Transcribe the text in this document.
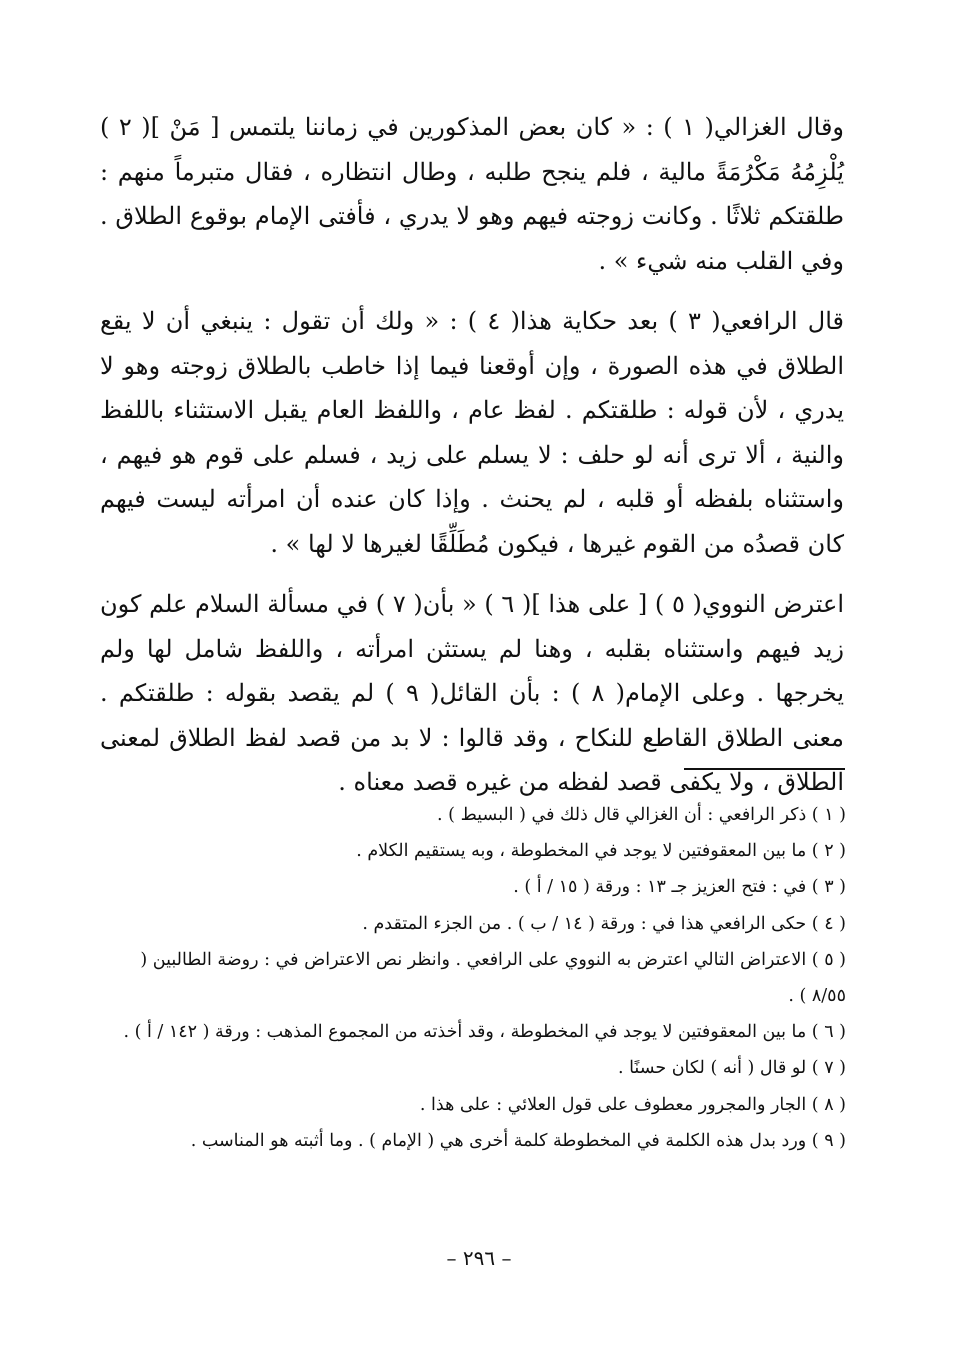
وقال الغزالي( ١ ) : « كان بعض المذكورين في زماننا يلتمس [ مَنْ ]( ٢ ) يُلْزِمُهُ مَكْرُمَةً مالية ، فلم ينجح طلبه ، وطال انتظاره ، فقال متبرماً منهم : طلقتكم ثلاثًا . وكانت زوجته فيهم وهو لا يدري ، فأفتى الإمام بوقوع الطلاق . وفي القلب منه شيء » .

قال الرافعي( ٣ ) بعد حكاية هذا( ٤ ) : « ولك أن تقول : ينبغي أن لا يقع الطلاق في هذه الصورة ، وإن أوقعنا فيما إذا خاطب بالطلاق زوجته وهو لا يدري ، لأن قوله : طلقتكم . لفظ عام ، واللفظ العام يقبل الاستثناء باللفظ والنية ، ألا ترى أنه لو حلف : لا يسلم على زيد ، فسلم على قوم هو فيهم ، واستثناه بلفظه أو قلبه ، لم يحنث . وإذا كان عنده أن امرأته ليست فيهم كان قصدُه من القوم غيرها ، فيكون مُطَلِّقًا لغيرها لا لها » .

اعترض النووي( ٥ ) [ على هذا ]( ٦ ) « بأن( ٧ ) في مسألة السلام علم كون زيد فيهم واستثناه بقلبه ، وهنا لم يستثن امرأته ، واللفظ شامل لها ولم يخرجها . وعلى الإمام( ٨ ) : بأن القائل( ٩ ) لم يقصد بقوله : طلقتكم . معنى الطلاق القاطع للنكاح ، وقد قالوا : لا بد من قصد لفظ الطلاق لمعنى الطلاق ، ولا يكفى قصد لفظه من غيره قصد معناه .

( ١ ) ذكر الرافعي : أن الغزالي قال ذلك في ( البسيط ) .

( ٢ ) ما بين المعقوفتين لا يوجد في المخطوطة ، وبه يستقيم الكلام .

( ٣ ) في : فتح العزيز جـ ١٣ : ورقة ( ١٥ / أ ) .

( ٤ ) حكى الرافعي هذا في : ورقة ( ١٤ / ب ) . من الجزء المتقدم .

( ٥ ) الاعتراض التالي اعترض به النووي على الرافعي . وانظر نص الاعتراض في : روضة الطالبين ( ٨/٥٥ ) .

( ٦ ) ما بين المعقوفتين لا يوجد في المخطوطة ، وقد أخذته من المجموع المذهب : ورقة ( ١٤٢ / أ ) .

( ٧ ) لو قال ( أنه ) لكان حسنًا .

( ٨ ) الجار والمجرور معطوف على قول العلائي : على هذا .

( ٩ ) ورد بدل هذه الكلمة في المخطوطة كلمة أخرى هي ( الإمام ) . وما أثبته هو المناسب .

– ٢٩٦ –
